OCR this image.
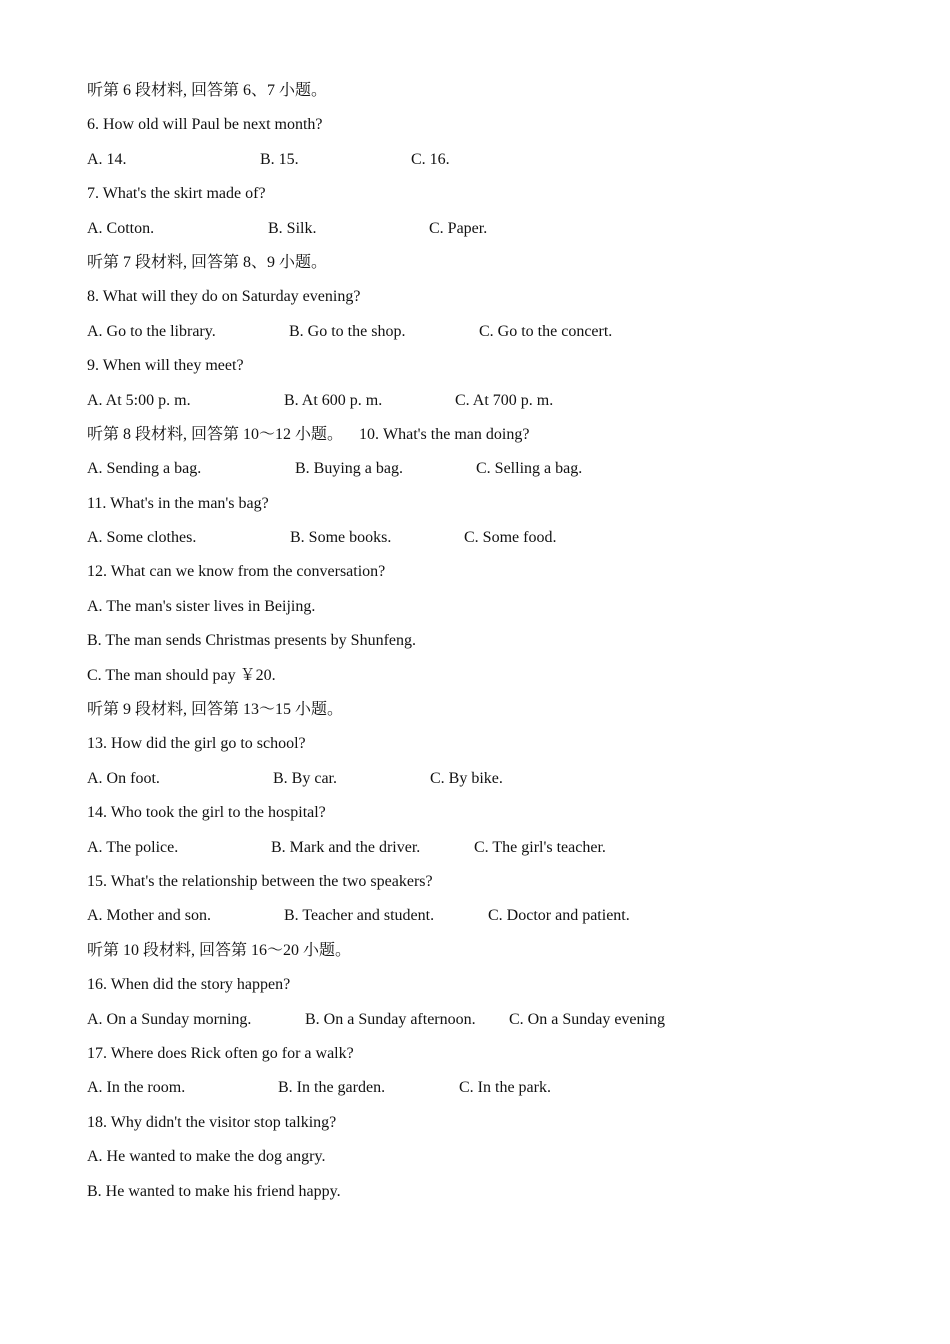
听第 6 段材料, 回答第 6、7 小题。
6. How old will Paul be next month?
A. 14.	B. 15.	C. 16.
7. What's the skirt made of?
A. Cotton.	B. Silk.	C. Paper.
听第 7 段材料, 回答第 8、9 小题。
8. What will they do on Saturday evening?
A. Go to the library.	B. Go to the shop.	C. Go to the concert.
9. When will they meet?
A. At 5:00 p. m.	B. At 600 p. m.	C. At 700 p. m.
听第 8 段材料, 回答第 10～12 小题。 10. What's the man doing?
A. Sending a bag.	B. Buying a bag.	C. Selling a bag.
11. What's in the man's bag?
A. Some clothes.	B. Some books.	C. Some food.
12. What can we know from the conversation?
A. The man's sister lives in Beijing.
B. The man sends Christmas presents by Shunfeng.
C. The man should pay ￥20.
听第 9 段材料, 回答第 13～15 小题。
13. How did the girl go to school?
A. On foot.	B. By car.	C. By bike.
14. Who took the girl to the hospital?
A. The police.	B. Mark and the driver.	C. The girl's teacher.
15. What's the relationship between the two speakers?
A. Mother and son.	B. Teacher and student.	C. Doctor and patient.
听第 10 段材料, 回答第 16～20 小题。
16. When did the story happen?
A. On a Sunday morning.	B. On a Sunday afternoon. C. On a Sunday evening
17. Where does Rick often go for a walk?
A. In the room.	B. In the garden.	C. In the park.
18. Why didn't the visitor stop talking?
A. He wanted to make the dog angry.
B. He wanted to make his friend happy.
